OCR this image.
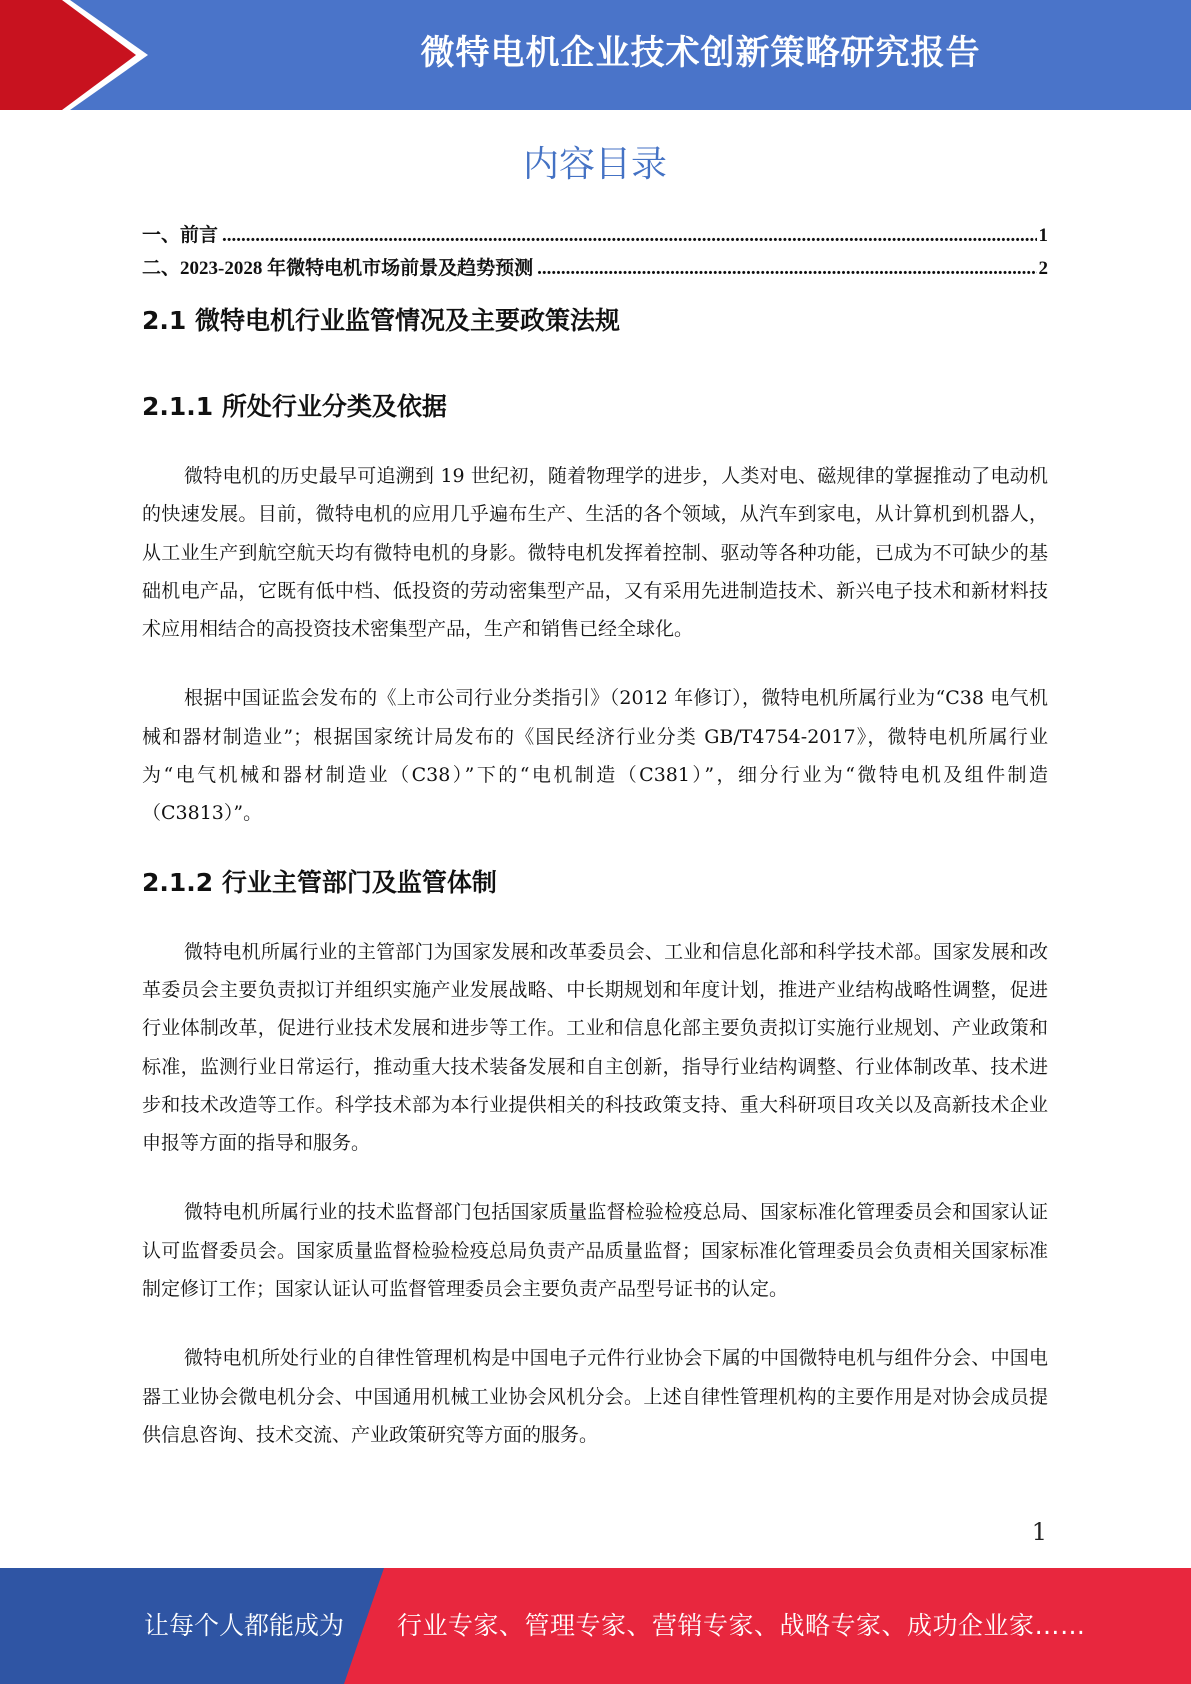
微特电机企业技术创新策略研究报告
内容目录
一、前言 .....	1
二、2023-2028 年微特电机市场前景及趋势预测 .....	2
2.1 微特电机行业监管情况及主要政策法规
2.1.1 所处行业分类及依据

微特电机的历史最早可追溯到 19 世纪初，随着物理学的进步，人类对电、磁规律的掌握推动了电动机的快速发展。目前，微特电机的应用几乎遍布生产、生活的各个领域，从汽车到家电，从计算机到机器人，从工业生产到航空航天均有微特电机的身影。微特电机发挥着控制、驱动等各种功能，已成为不可缺少的基础机电产品，它既有低中档、低投资的劳动密集型产品，又有采用先进制造技术、新兴电子技术和新材料技术应用相结合的高投资技术密集型产品，生产和销售已经全球化。

根据中国证监会发布的《上市公司行业分类指引》（2012 年修订），微特电机所属行业为“C38 电气机械和器材制造业”；根据国家统计局发布的《国民经济行业分类 GB/T4754-2017》，微特电机所属行业为“电气机械和器材制造业（C38）”下的“电机制造（C381）”，细分行业为“微特电机及组件制造（C3813）”。

2.1.2 行业主管部门及监管体制

微特电机所属行业的主管部门为国家发展和改革委员会、工业和信息化部和科学技术部。国家发展和改革委员会主要负责拟订并组织实施产业发展战略、中长期规划和年度计划，推进产业结构战略性调整，促进行业体制改革，促进行业技术发展和进步等工作。工业和信息化部主要负责拟订实施行业规划、产业政策和标准，监测行业日常运行，推动重大技术装备发展和自主创新，指导行业结构调整、行业体制改革、技术进步和技术改造等工作。科学技术部为本行业提供相关的科技政策支持、重大科研项目攻关以及高新技术企业申报等方面的指导和服务。

微特电机所属行业的技术监督部门包括国家质量监督检验检疫总局、国家标准化管理委员会和国家认证认可监督委员会。国家质量监督检验检疫总局负责产品质量监督；国家标准化管理委员会负责相关国家标准制定修订工作；国家认证认可监督管理委员会主要负责产品型号证书的认定。

微特电机所处行业的自律性管理机构是中国电子元件行业协会下属的中国微特电机与组件分会、中国电器工业协会微电机分会、中国通用机械工业协会风机分会。上述自律性管理机构的主要作用是对协会成员提供信息咨询、技术交流、产业政策研究等方面的服务。

1
让每个人都能成为 行业专家、管理专家、营销专家、战略专家、成功企业家……
